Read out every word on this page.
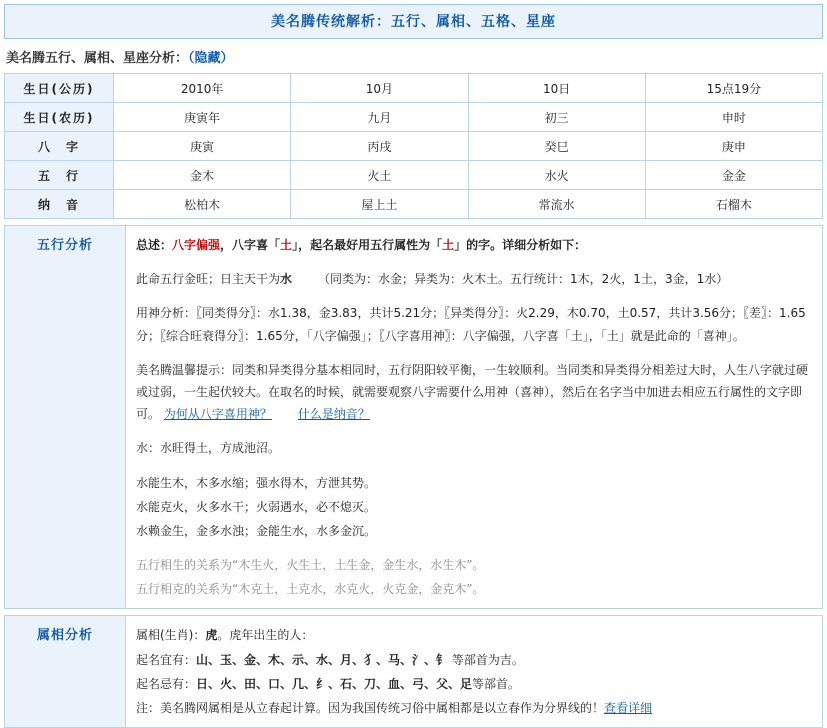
美名腾传统解析：五行、属相、五格、星座
美名腾五行、属相、星座分析：（隐藏）
生日(公历)	2010年	10月	10日	15点19分
生日(农历)	庚寅年	九月	初三	申时
八　字	庚寅	丙戌	癸巳	庚申
五　行	金木	火土	水火	金金
纳　音	松柏木	屋上土	常流水	石榴木
五行分析	总述：八字偏强，八字喜「土」，起名最好用五行属性为「土」的字。详细分析如下：
此命五行金旺；日主天干为水 （同类为：水金；异类为：火木土。五行统计：1木，2火，1土，3金，1水）
用神分析：〖同类得分〗：水1.38，金3.83，共计5.21分；〖异类得分〗：火2.29，木0.70，土0.57，共计3.56分；〖差〗：1.65分；〖综合旺衰得分〗：1.65分，「八字偏强」；〖八字喜用神〗：八字偏强，八字喜「土」，「土」就是此命的「喜神」。
美名腾温馨提示：同类和异类得分基本相同时，五行阴阳较平衡，一生较顺利。当同类和异类得分相差过大时，人生八字就过硬或过弱，一生起伏较大。在取名的时候，就需要观察八字需要什么用神（喜神），然后在名字当中加进去相应五行属性的文字即可。 为何从八字喜用神？ 什么是纳音？
水：水旺得土，方成池沼。
水能生木，木多水缩；强水得木，方泄其势。
水能克火，火多水干；火弱遇水，必不熄灭。
水赖金生，金多水浊；金能生水，水多金沉。
五行相生的关系为“木生火，火生土，土生金，金生水，水生木”。
五行相克的关系为“木克土，土克水，水克火，火克金，金克木”。
属相分析	属相(生肖)：虎。虎年出生的人：
起名宜有：山、玉、金、木、示、水、月、犭、马、氵、钅 等部首为吉。
起名忌有：日、火、田、口、几、纟、石、刀、血、弓、父、足等部首。
注：美名腾网属相是从立春起计算。因为我国传统习俗中属相都是以立春作为分界线的！查看详细
